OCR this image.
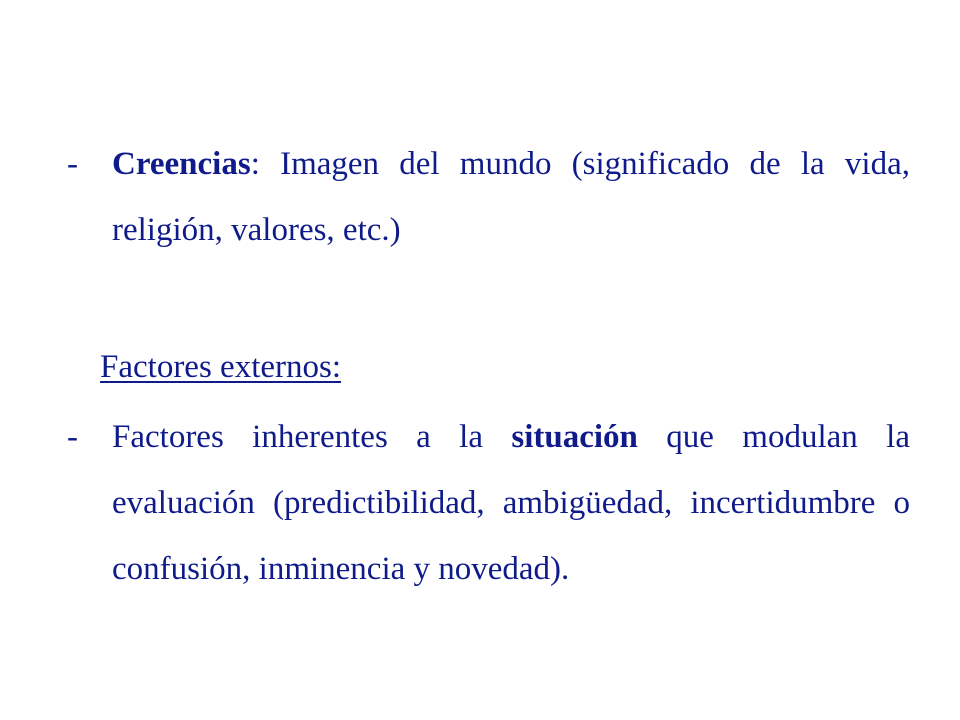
- Creencias: Imagen del mundo (significado de la vida, religión, valores, etc.)
Factores externos:
- Factores inherentes a la situación que modulan la evaluación (predictibilidad, ambigüedad, incertidumbre o confusión, inminencia y novedad).
